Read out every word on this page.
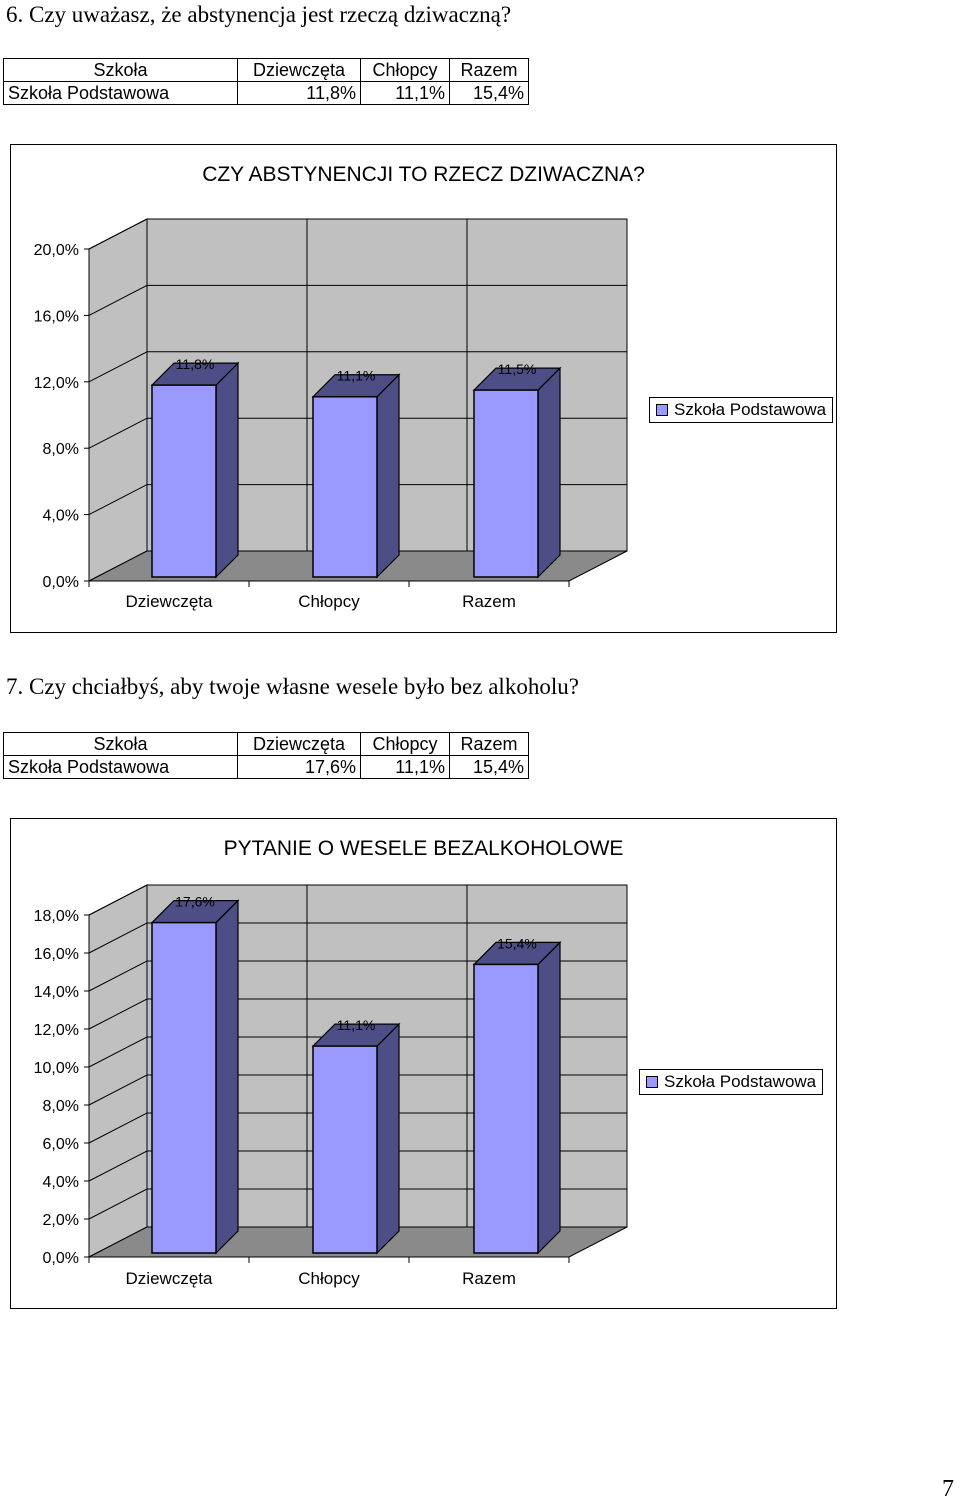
6. Czy uważasz, że abstynencja jest rzeczą dziwaczną?
Szkoła	Dziewczęta	Chłopcy	Razem
Szkoła Podstawowa	11,8%	11,1%	15,4%
CZY ABSTYNENCJI TO RZECZ DZIWACZNA?
0,0%
4,0%
8,0%
12,0%
16,0%
20,0%
11,8%
11,1%	11,5%
Dziewczęta	Chłopcy	Razem
Szkoła Podstawowa
7. Czy chciałbyś, aby twoje własne wesele było bez alkoholu?
Szkoła	Dziewczęta	Chłopcy	Razem
Szkoła Podstawowa	17,6%	11,1%	15,4%
PYTANIE O WESELE BEZALKOHOLOWE
0,0%
2,0%
4,0%
6,0%
8,0%
10,0%
12,0%
14,0%
16,0%
18,0%
17,6%
11,1%
15,4%
Dziewczęta	Chłopcy	Razem
Szkoła Podstawowa
7
